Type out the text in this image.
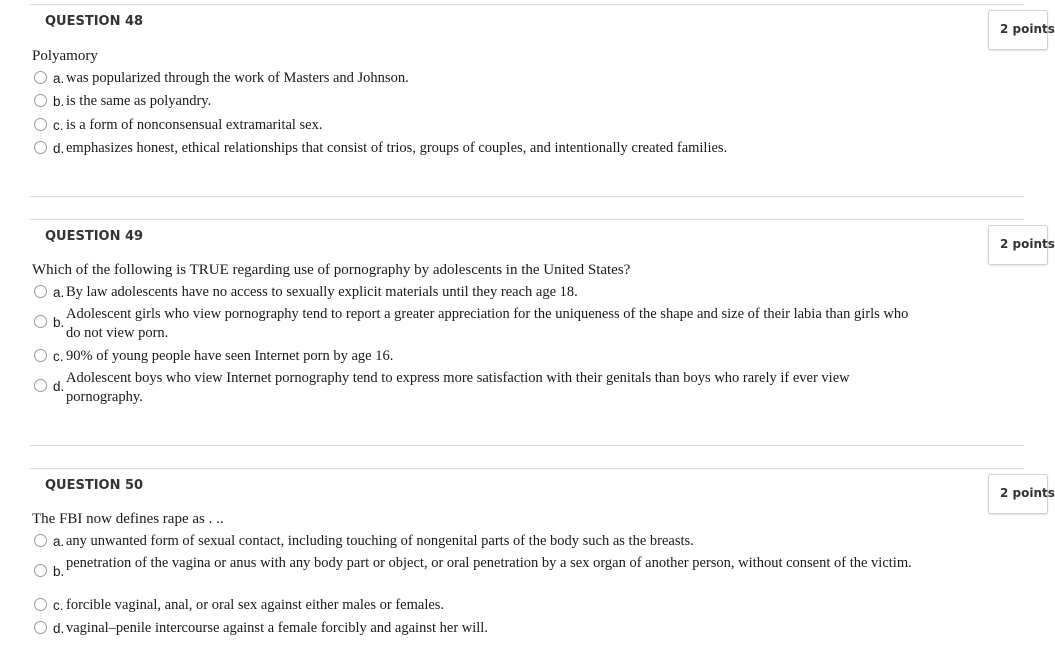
QUESTION 48	2 points
Polyamory
a. was popularized through the work of Masters and Johnson.
b. is the same as polyandry.
c. is a form of nonconsensual extramarital sex.
d. emphasizes honest, ethical relationships that consist of trios, groups of couples, and intentionally created families.
QUESTION 49	2 points
Which of the following is TRUE regarding use of pornography by adolescents in the United States?
a. By law adolescents have no access to sexually explicit materials until they reach age 18.
b.
Adolescent girls who view pornography tend to report a greater appreciation for the uniqueness of the shape and size of their labia than girls who do not view porn.
c. 90% of young people have seen Internet porn by age 16.
d.
Adolescent boys who view Internet pornography tend to express more satisfaction with their genitals than boys who rarely if ever view pornography.
QUESTION 50	2 points
The FBI now defines rape as . ..
a. any unwanted form of sexual contact, including touching of nongenital parts of the body such as the breasts.
b.
penetration of the vagina or anus with any body part or object, or oral penetration by a sex organ of another person, without consent of the victim.
c. forcible vaginal, anal, or oral sex against either males or females.
d. vaginal–penile intercourse against a female forcibly and against her will.
